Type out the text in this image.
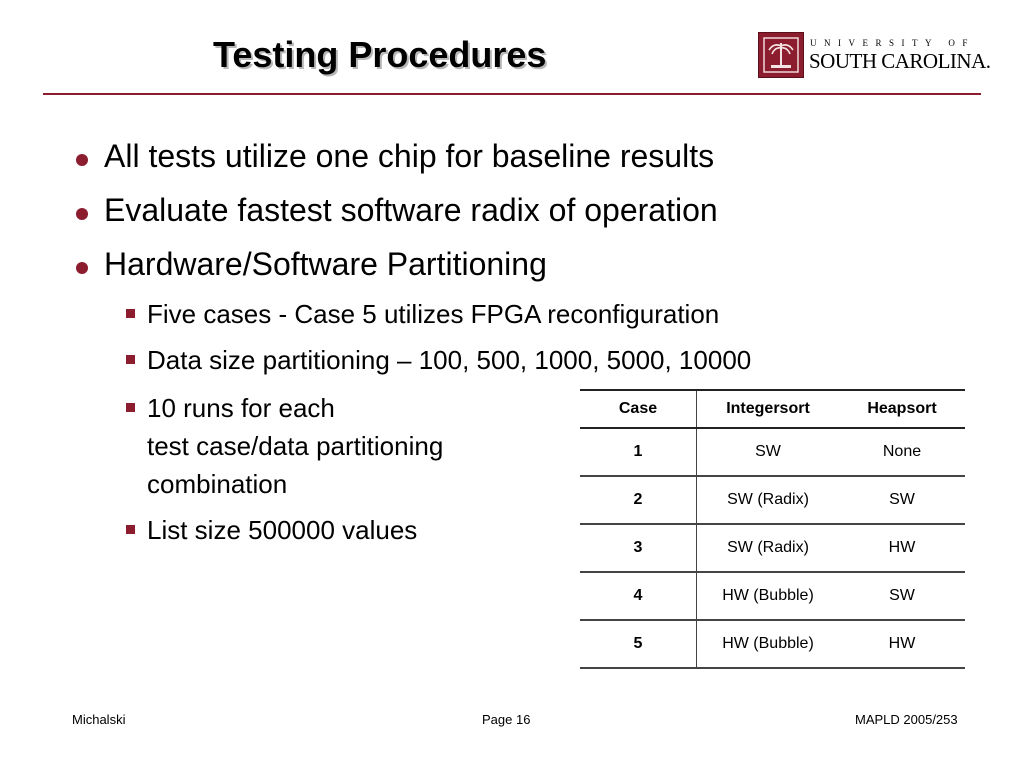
Testing Procedures	UNIVERSITY OF
SOUTH CAROLINA.
All tests utilize one chip for baseline results
Evaluate fastest software radix of operation
Hardware/Software Partitioning
Five cases - Case 5 utilizes FPGA reconfiguration
Data size partitioning – 100, 500, 1000, 5000, 10000
10 runs for each
test case/data partitioning
combination
List size 500000 values
Case	Integersort	Heapsort
1	SW	None
2	SW (Radix)	SW
3	SW (Radix)	HW
4	HW (Bubble)	SW
5	HW (Bubble)	HW
Michalski	Page 16	MAPLD 2005/253
